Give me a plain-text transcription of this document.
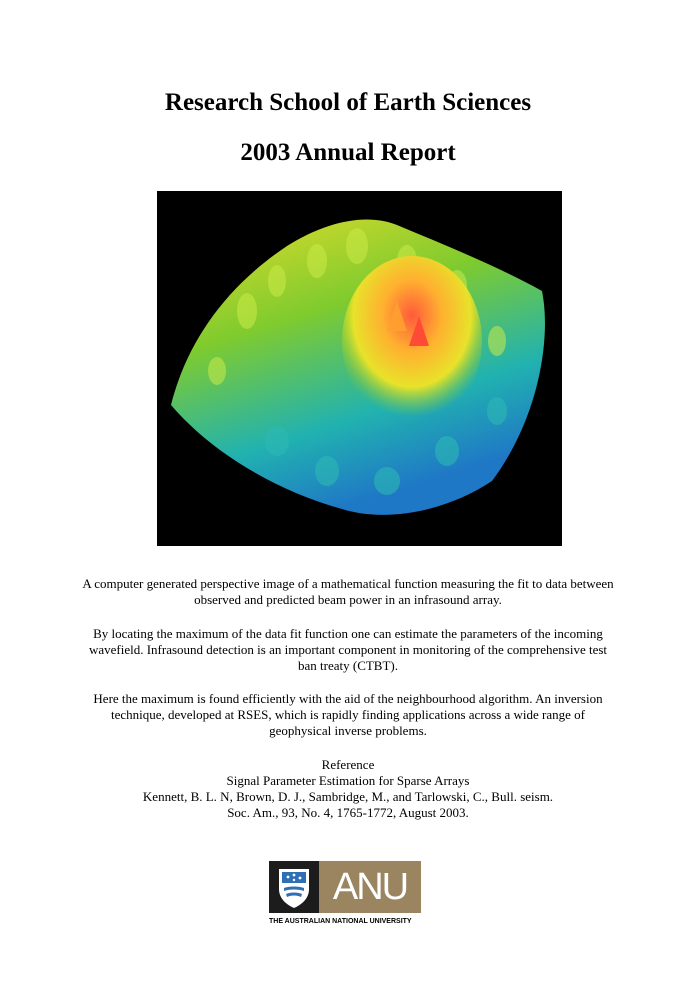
Research School of Earth Sciences
2003 Annual Report

A computer generated perspective image of a mathematical function measuring the fit to data between observed and predicted beam power in an infrasound array.

By locating the maximum of the data fit function one can estimate the parameters of the incoming wavefield. Infrasound detection is an important component in monitoring of the comprehensive test ban treaty (CTBT).

Here the maximum is found efficiently with the aid of the neighbourhood algorithm. An inversion technique, developed at RSES, which is rapidly finding applications across a wide range of geophysical inverse problems.

Reference
Signal Parameter Estimation for Sparse Arrays
Kennett, B. L. N, Brown, D. J., Sambridge, M., and Tarlowski, C., Bull. seism.
Soc. Am., 93, No. 4, 1765-1772, August 2003.
ANU
THE AUSTRALIAN NATIONAL UNIVERSITY
